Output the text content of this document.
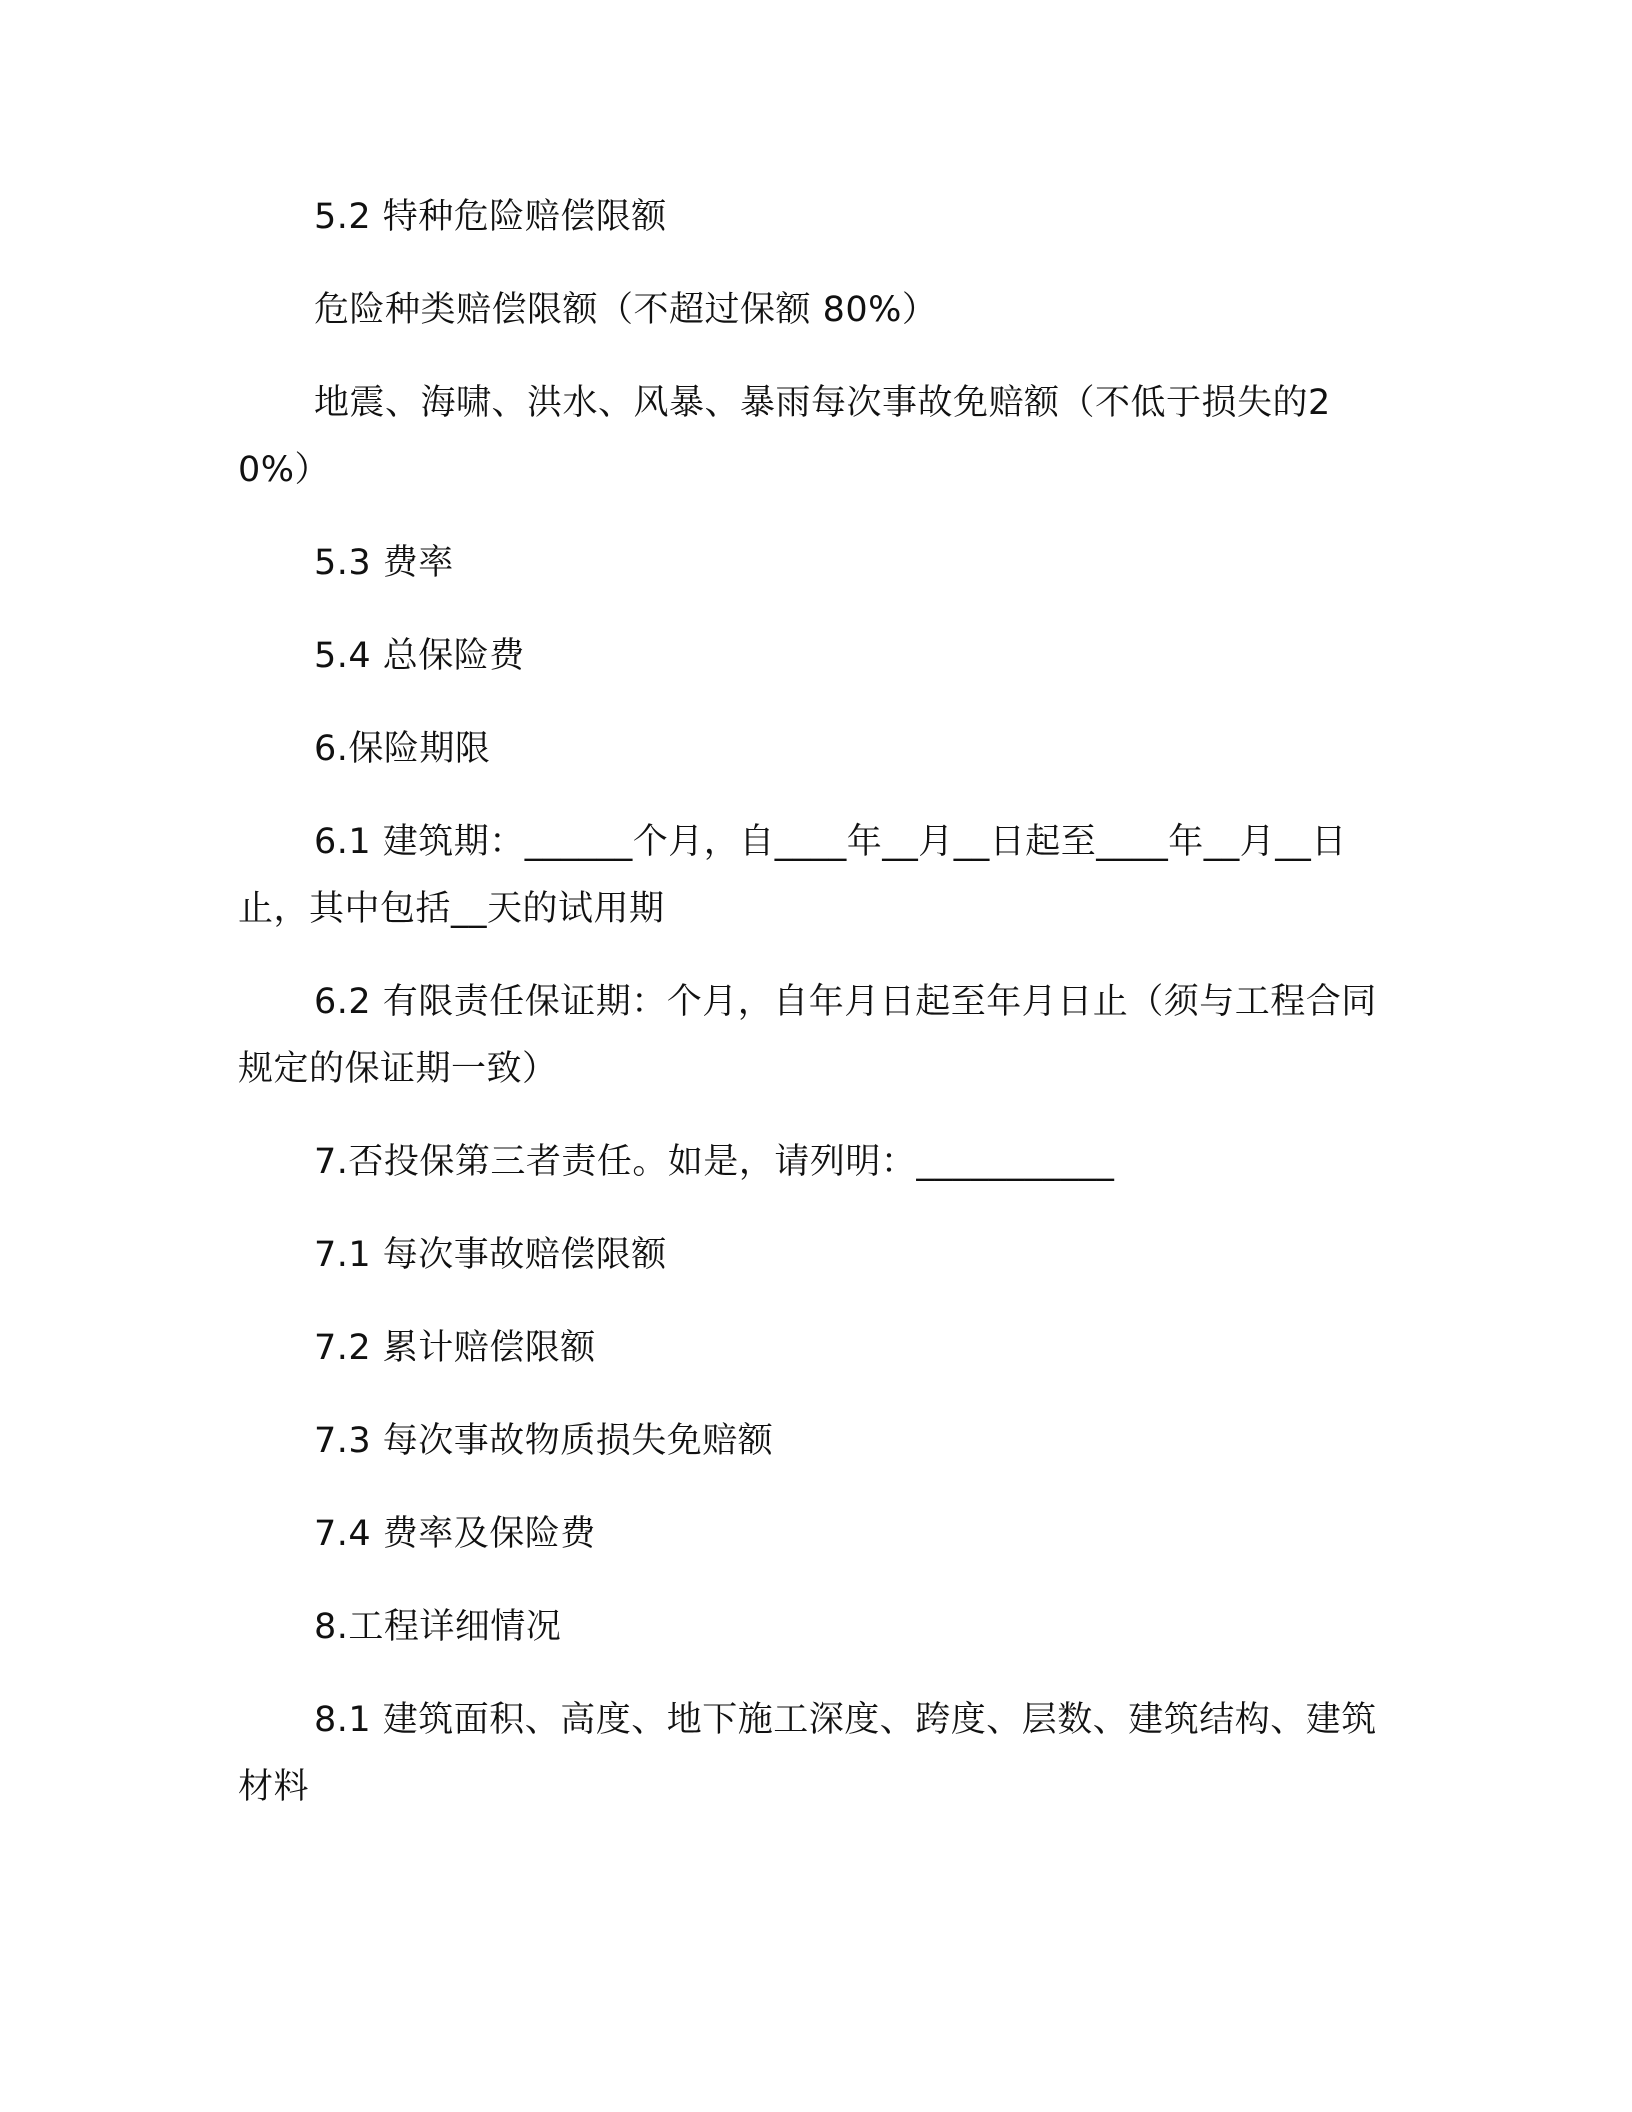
5.2 特种危险赔偿限额

危险种类赔偿限额（不超过保额 80%）

地震、海啸、洪水、风暴、暴雨每次事故免赔额（不低于损失的20%）

5.3 费率

5.4 总保险费

6.保险期限

6.1 建筑期：______个月，自____年__月__日起至____年__月__日止，其中包括__天的试用期

6.2 有限责任保证期：个月，自年月日起至年月日止（须与工程合同规定的保证期一致）

7.否投保第三者责任。如是，请列明：___________

7.1 每次事故赔偿限额

7.2 累计赔偿限额

7.3 每次事故物质损失免赔额

7.4 费率及保险费

8.工程详细情况

8.1 建筑面积、高度、地下施工深度、跨度、层数、建筑结构、建筑材料
